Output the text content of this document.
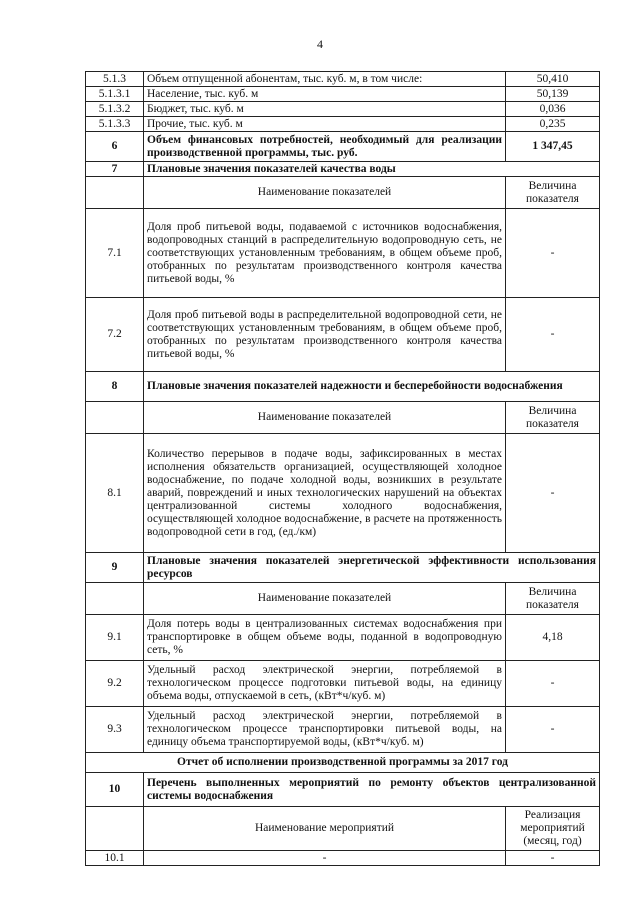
4
5.1.3	Объем отпущенной абонентам, тыс. куб. м, в том числе:	50,410
5.1.3.1	Население, тыс. куб. м	50,139
5.1.3.2	Бюджет, тыс. куб. м	0,036
5.1.3.3	Прочие, тыс. куб. м	0,235
6	Объем финансовых потребностей, необходимый для реализации производственной программы, тыс. руб.	1 347,45
7	Плановые значения показателей качества воды	
	Наименование показателей	Величина показателя
7.1	Доля проб питьевой воды, подаваемой с источников водоснабжения, водопроводных станций в распределительную водопроводную сеть, не соответствующих установленным требованиям, в общем объеме проб, отобранных по результатам производственного контроля качества питьевой воды, %	-
7.2	Доля проб питьевой воды в распределительной водопроводной сети, не соответствующих установленным требованиям, в общем объеме проб, отобранных по результатам производственного контроля качества питьевой воды, %	-
8	Плановые значения показателей надежности и бесперебойности водоснабжения	
	Наименование показателей	Величина показателя
8.1	Количество перерывов в подаче воды, зафиксированных в местах исполнения обязательств организацией, осуществляющей холодное водоснабжение, по подаче холодной воды, возникших в результате аварий, повреждений и иных технологических нарушений на объектах централизованной системы холодного водоснабжения, осуществляющей холодное водоснабжение, в расчете на протяженность водопроводной сети в год, (ед./км)	-
9	Плановые значения показателей энергетической эффективности использования ресурсов	
	Наименование показателей	Величина показателя
9.1	Доля потерь воды в централизованных системах водоснабжения при транспортировке в общем объеме воды, поданной в водопроводную сеть, %	4,18
9.2	Удельный расход электрической энергии, потребляемой в технологическом процессе подготовки питьевой воды, на единицу объема воды, отпускаемой в сеть, (кВт*ч/куб. м)	-
9.3	Удельный расход электрической энергии, потребляемой в технологическом процессе транспортировки питьевой воды, на единицу объема транспортируемой воды, (кВт*ч/куб. м)	-
Отчет об исполнении производственной программы за 2017 год		
10	Перечень выполненных мероприятий по ремонту объектов централизованной системы водоснабжения	
	Наименование мероприятий	Реализация мероприятий (месяц, год)
10.1	-	-
